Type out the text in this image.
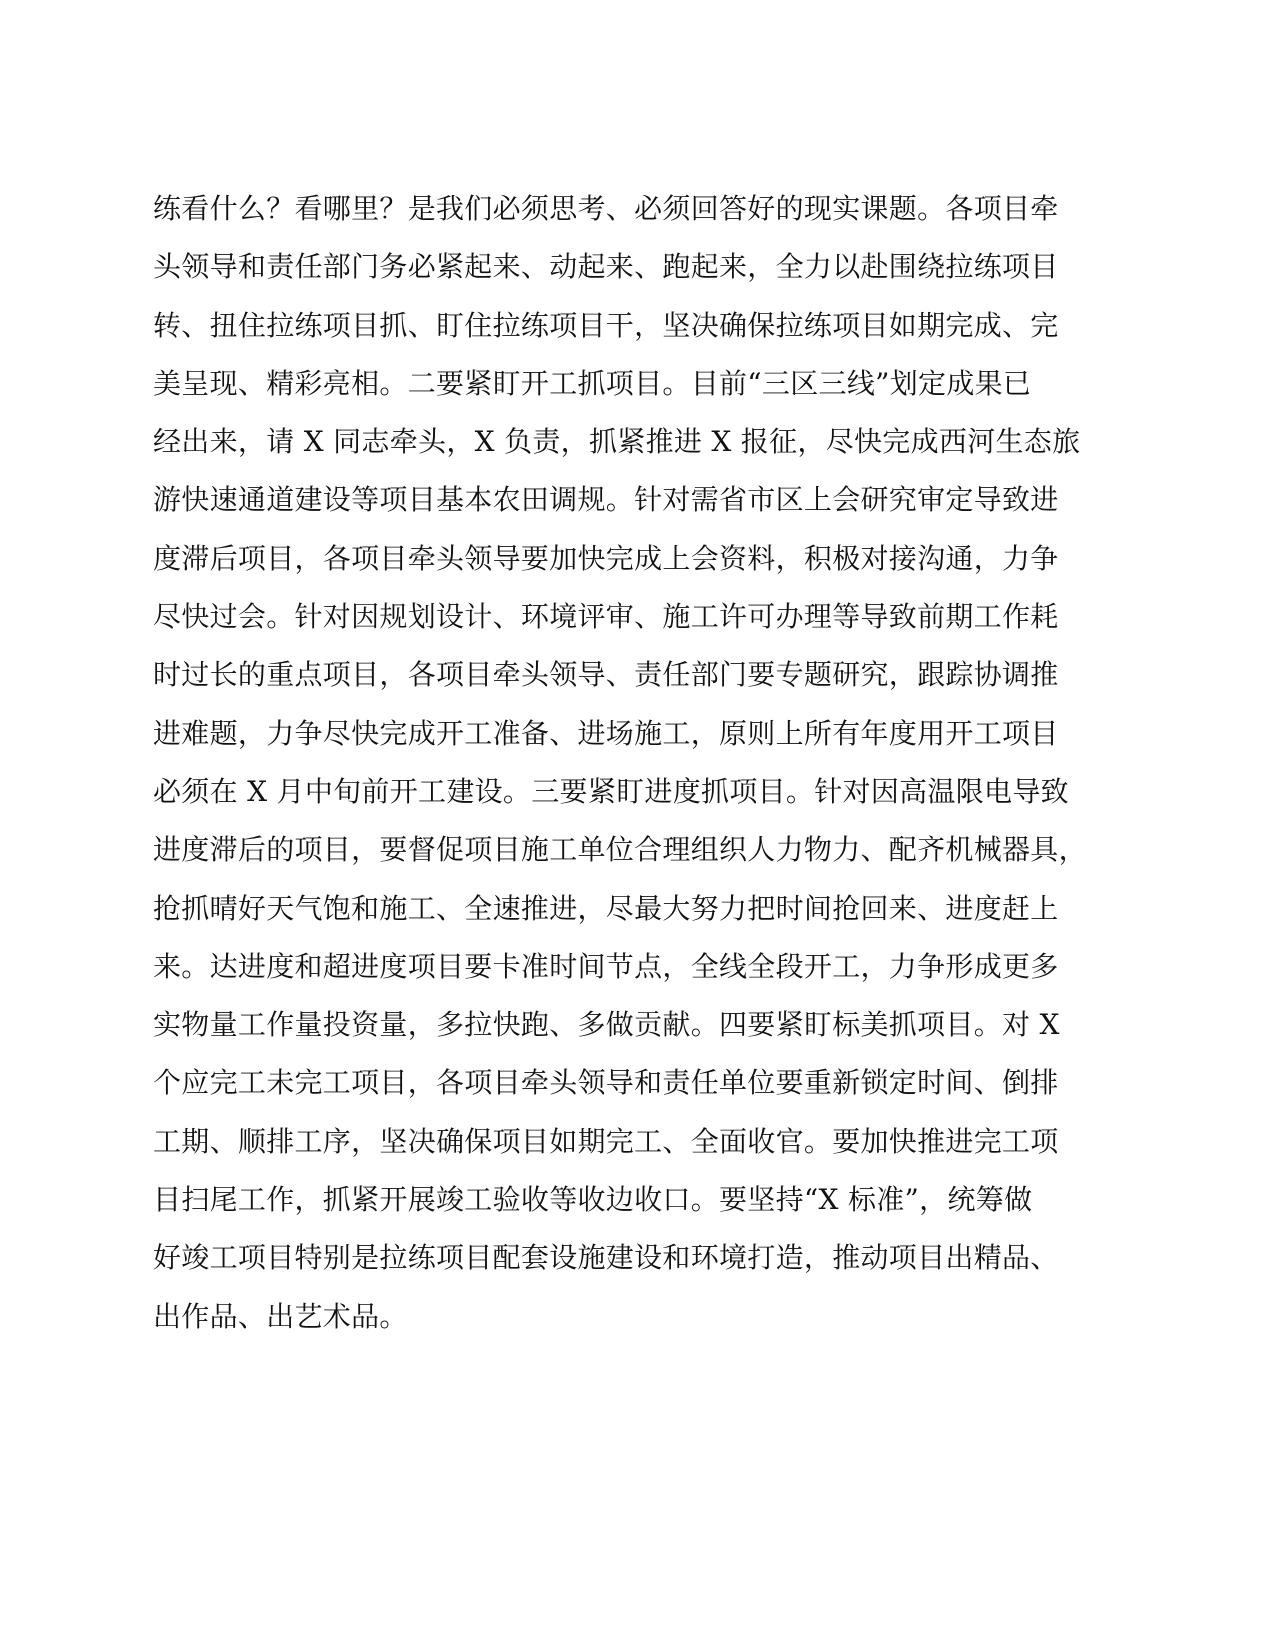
练看什么？看哪里？是我们必须思考、必须回答好的现实课题。各项目牵
头领导和责任部门务必紧起来、动起来、跑起来，全力以赴围绕拉练项目
转、扭住拉练项目抓、盯住拉练项目干，坚决确保拉练项目如期完成、完
美呈现、精彩亮相。二要紧盯开工抓项目。目前“三区三线”划定成果已
经出来，请 X 同志牵头，X 负责，抓紧推进 X 报征，尽快完成西河生态旅
游快速通道建设等项目基本农田调规。针对需省市区上会研究审定导致进
度滞后项目，各项目牵头领导要加快完成上会资料，积极对接沟通，力争
尽快过会。针对因规划设计、环境评审、施工许可办理等导致前期工作耗
时过长的重点项目，各项目牵头领导、责任部门要专题研究，跟踪协调推
进难题，力争尽快完成开工准备、进场施工，原则上所有年度用开工项目
必须在 X 月中旬前开工建设。三要紧盯进度抓项目。针对因高温限电导致
进度滞后的项目，要督促项目施工单位合理组织人力物力、配齐机械器具，
抢抓晴好天气饱和施工、全速推进，尽最大努力把时间抢回来、进度赶上
来。达进度和超进度项目要卡准时间节点，全线全段开工，力争形成更多
实物量工作量投资量，多拉快跑、多做贡献。四要紧盯标美抓项目。对 X
个应完工未完工项目，各项目牵头领导和责任单位要重新锁定时间、倒排
工期、顺排工序，坚决确保项目如期完工、全面收官。要加快推进完工项
目扫尾工作，抓紧开展竣工验收等收边收口。要坚持“X 标准”，统筹做
好竣工项目特别是拉练项目配套设施建设和环境打造，推动项目出精品、
出作品、出艺术品。
